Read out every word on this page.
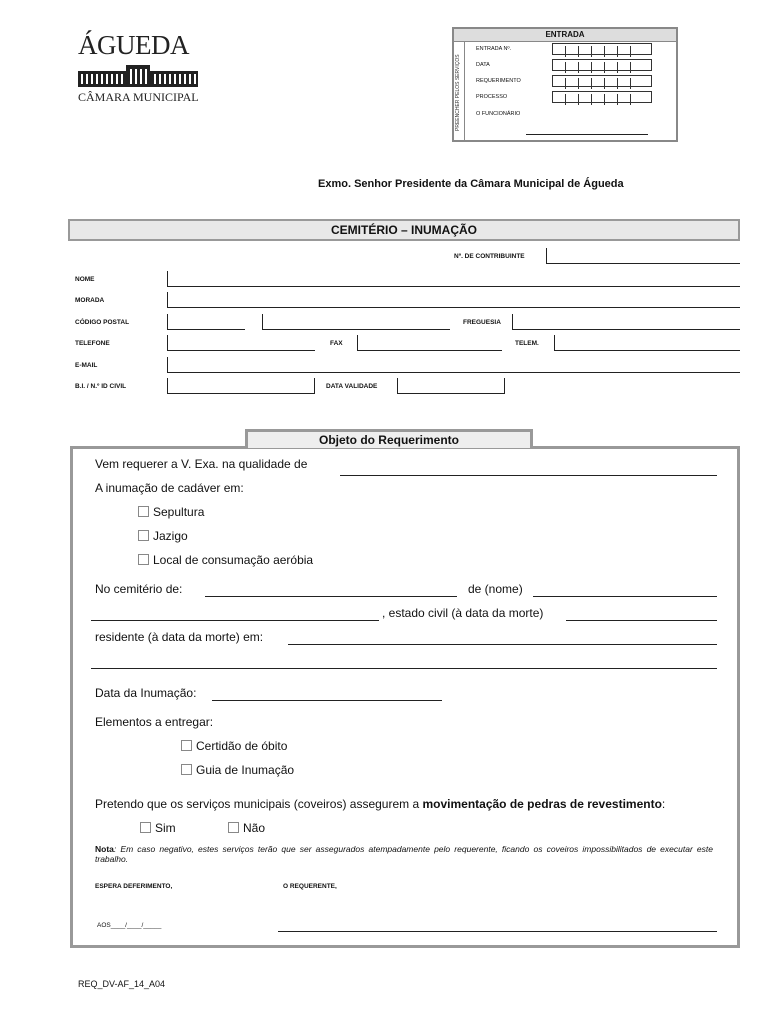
ÁGUEDA
CÂMARA MUNICIPAL
ENTRADA
PREENCHER PELOS SERVIÇOS
ENTRADA Nº.
DATA
REQUERIMENTO
PROCESSO
O FUNCIONÁRIO
Exmo. Senhor Presidente da Câmara Municipal de Águeda
CEMITÉRIO – INUMAÇÃO
Nº. DE CONTRIBUINTE
NOME
MORADA
CÓDIGO POSTAL	FREGUESIA
TELEFONE	FAX	TELEM.
E-MAIL
B.I. / N.º ID CIVIL	DATA VALIDADE
Objeto do Requerimento
Vem requerer a V. Exa. na qualidade de
A inumação de cadáver em:
Sepultura
Jazigo
Local de consumação aeróbia
No cemitério de:	de (nome)
, estado civil (à data da morte)
residente (à data da morte) em:
Data da Inumação:
Elementos a entregar:
Certidão de óbito
Guia de Inumação
Pretendo que os serviços municipais (coveiros) assegurem a movimentação de pedras de revestimento:
Sim	Não
Nota: Em caso negativo, estes serviços terão que ser assegurados atempadamente pelo requerente, ficando os coveiros impossibilitados de executar este trabalho.
ESPERA DEFERIMENTO,	O REQUERENTE,
AOS____/____/_____
REQ_DV-AF_14_A04
